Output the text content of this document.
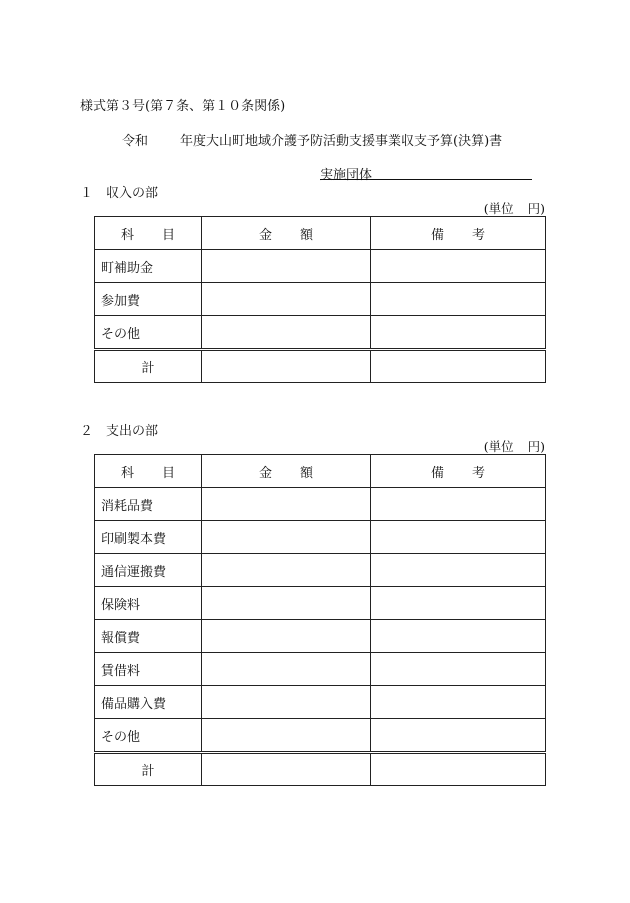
様式第３号(第７条、第１０条関係)
令和 年度大山町地域介護予防活動支援事業収支予算(決算)書
実施団体
１ 収入の部
(単位 円)
科 目	金 額	備 考
町補助金		
参加費		
その他		
計		
２ 支出の部
(単位 円)
科 目	金 額	備 考
消耗品費		
印刷製本費		
通信運搬費		
保険料		
報償費		
賃借料		
備品購入費		
その他		
計		
